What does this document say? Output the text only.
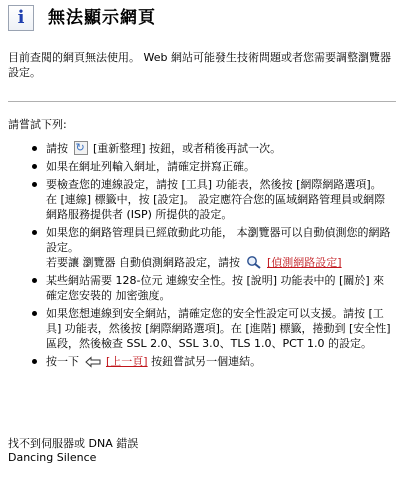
i	無法顯示網頁
目前查閱的網頁無法使用。 Web 網站可能發生技術問題或者您需要調整瀏覽器設定。
請嘗試下列:
請按 ↻ [重新整理] 按鈕，或者稍後再試一次。
如果在網址列輸入網址，請確定拼寫正確。
要檢查您的連線設定，請按 [工具] 功能表，然後按 [網際網路選項]。在 [連線] 標籤中，按 [設定]。 設定應符合您的區域網路管理員或網際網路服務提供者 (ISP) 所提供的設定。
如果您的網路管理員已經啟動此功能， 本瀏覽器可以自動偵測您的網路設定。
若要讓 瀏覽器 自動偵測網路設定，請按 [偵測網路設定]
某些網站需要 128-位元 連線安全性。按 [說明] 功能表中的 [關於] 來確定您安裝的 加密強度。
如果您想連線到安全網站，請確定您的安全性設定可以支援。請按 [工具] 功能表，然後按 [網際網路選項]。在 [進階] 標籤，捲動到 [安全性] 區段，然後檢查 SSL 2.0、SSL 3.0、TLS 1.0、PCT 1.0 的設定。
按一下 [上一頁] 按鈕嘗試另一個連結。
找不到伺服器或 DNA 錯誤
Dancing Silence
